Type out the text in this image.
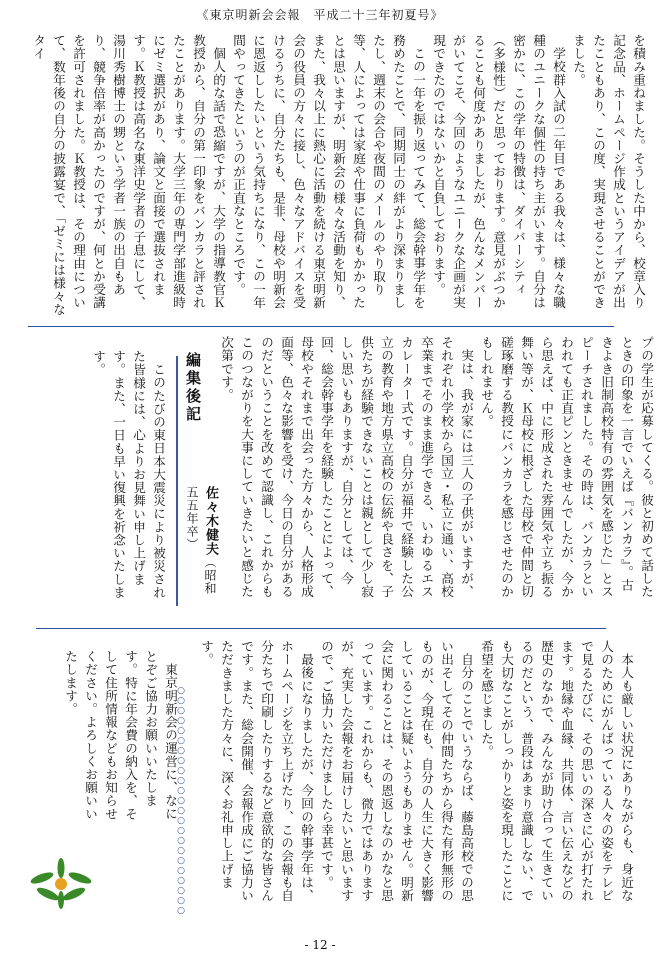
《東京明新会会報　平成二十三年初夏号》

を積み重ねました。そうした中から、校章入り記念品、ホームページ作成というアイデアが出たこともあり、この度、実現させることができました。

学校群入試の二年目である我々は、様々な職種のユニークな個性の持ち主がいます。自分は密かに、この学年の特徴は、ダイバーシティ（多様性）だと思っております。意見がぶつかることも何度かありましたが、色んなメンバーがいてこそ、今回のようなユニークな企画が実現できたのではないかと自負しております。

この一年を振り返ってみて、総会幹事学年を務めたことで、同期同士の絆がより深まりましたし、週末の会合や夜間のメールのやり取り等、人によっては家庭や仕事に負荷もかかったとは思いますが、明新会の様々な活動を知り、また、我々以上に熱心に活動を続ける東京明新会の役員の方々に接し、色々なアドバイスを受けるうちに、自分たちも、是非、母校や明新会に恩返ししたいという気持ちになり、この一年間やってきたというのが正直なところです。

個人的な話で恐縮ですが、大学の指導教官Ｋ教授から、自分の第一印象をバンカラと評されたことがあります。大学三年の専門学部進級時にゼミ選択があり、論文と面接で選抜されます。Ｋ教授は高名な東洋史学者の子息にして、湯川秀樹博士の甥という学者一族の出自もあり、競争倍率が高かったのですが、何とか受講を許可されました。Ｋ教授は、その理由について、数年後の自分の披露宴で、「ゼミには様々なタイ

プの学生が応募してくる。彼と初めて話したときの印象を一言でいえば『バンカラ』。古きよき旧制高校特有の雰囲気を感じた」とスピーチされました。その時は、バンカラといわれても正直ピンときませんでしたが、今から思えば、中に形成された雰囲気や立ち振る舞い等が、Ｋ母校に根ざした母校で仲間と切磋琢磨する教授にバンカラを感じさせたのかもしれません。

実は、我が家には三人の子供がいますが、それぞれ小学校から国立・私立に通い、高校卒業までそのまま進学できる、いわゆるエスカレーター式です。自分が福井で経験した公立の教育や地方県立高校の伝統や良さを、子供たちが経験できないことは親として少し寂しい思いもありますが、自分としては、今回、総会幹事学年を経験したことによって、母校やそれまで出会った方々から、人格形成面等、色々な影響を受け、今日の自分があるのだということを改めて認識し、これからもこのつながりを大事にしていきたいと感じた次第です。

編集後記
佐々木健夫（昭和五五年卒）

このたびの東日本大震災により被災された皆様には、心よりお見舞い申し上げます。また、一日も早い復興を祈念いたします。

本人も厳しい状況にありながらも、身近な人のためにがんばっている人々の姿をテレビで見るたびに、その思いの深さに心が打たれます。地縁や血縁、共同体、言い伝えなどの歴史のなかで、みんなが助け合って生きているのだという、普段はあまり意識しない、でも大切なことがしっかりと姿を現したことに希望を感じました。

自分のことでいうならば、藤島高校での思い出そしてその仲間たちから得た有形無形のものが、今現在も、自分の人生に大きく影響していることは疑いようもありません。明新会に関わることは、その恩返しなのかなと思っています。これからも、微力ではありますが、充実した会報をお届けしたいと思いますので、ご協力いただけましたら幸甚です。

最後になりましたが、今回の幹事学年は、ホームページを立ち上げたり、この会報も自分たちで印刷したりするなど意欲的な皆さんです。また、総会開催、会報作成にご協力いただきました方々に、深くお礼申し上げます。

○○○○○○○○○○○○○○○○○○○○○○○

東京明新会の運営に、なにとぞご協力お願いいたします。特に年会費の納入を、そして住所情報などもお知らせください。よろしくお願いいたします。

- 12 -
